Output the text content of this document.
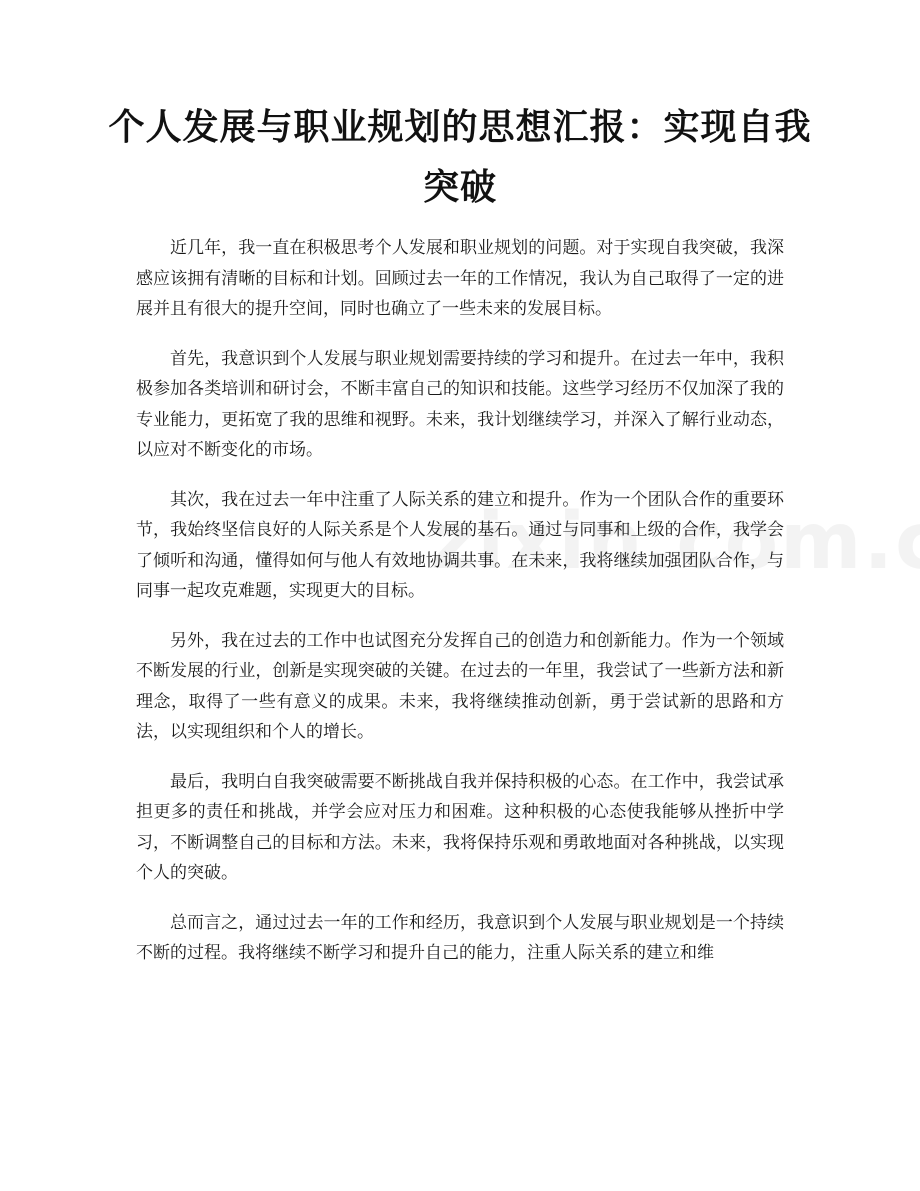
个人发展与职业规划的思想汇报：实现自我突破

近几年，我一直在积极思考个人发展和职业规划的问题。对于实现自我突破，我深感应该拥有清晰的目标和计划。回顾过去一年的工作情况，我认为自己取得了一定的进展并且有很大的提升空间，同时也确立了一些未来的发展目标。

首先，我意识到个人发展与职业规划需要持续的学习和提升。在过去一年中，我积极参加各类培训和研讨会，不断丰富自己的知识和技能。这些学习经历不仅加深了我的专业能力，更拓宽了我的思维和视野。未来，我计划继续学习，并深入了解行业动态，以应对不断变化的市场。

其次，我在过去一年中注重了人际关系的建立和提升。作为一个团队合作的重要环节，我始终坚信良好的人际关系是个人发展的基石。通过与同事和上级的合作，我学会了倾听和沟通，懂得如何与他人有效地协调共事。在未来，我将继续加强团队合作，与同事一起攻克难题，实现更大的目标。

另外，我在过去的工作中也试图充分发挥自己的创造力和创新能力。作为一个领域不断发展的行业，创新是实现突破的关键。在过去的一年里，我尝试了一些新方法和新理念，取得了一些有意义的成果。未来，我将继续推动创新，勇于尝试新的思路和方法，以实现组织和个人的增长。

最后，我明白自我突破需要不断挑战自我并保持积极的心态。在工作中，我尝试承担更多的责任和挑战，并学会应对压力和困难。这种积极的心态使我能够从挫折中学习，不断调整自己的目标和方法。未来，我将保持乐观和勇敢地面对各种挑战，以实现个人的突破。

总而言之，通过过去一年的工作和经历，我意识到个人发展与职业规划是一个持续不断的过程。我将继续不断学习和提升自己的能力，注重人际关系的建立和维
